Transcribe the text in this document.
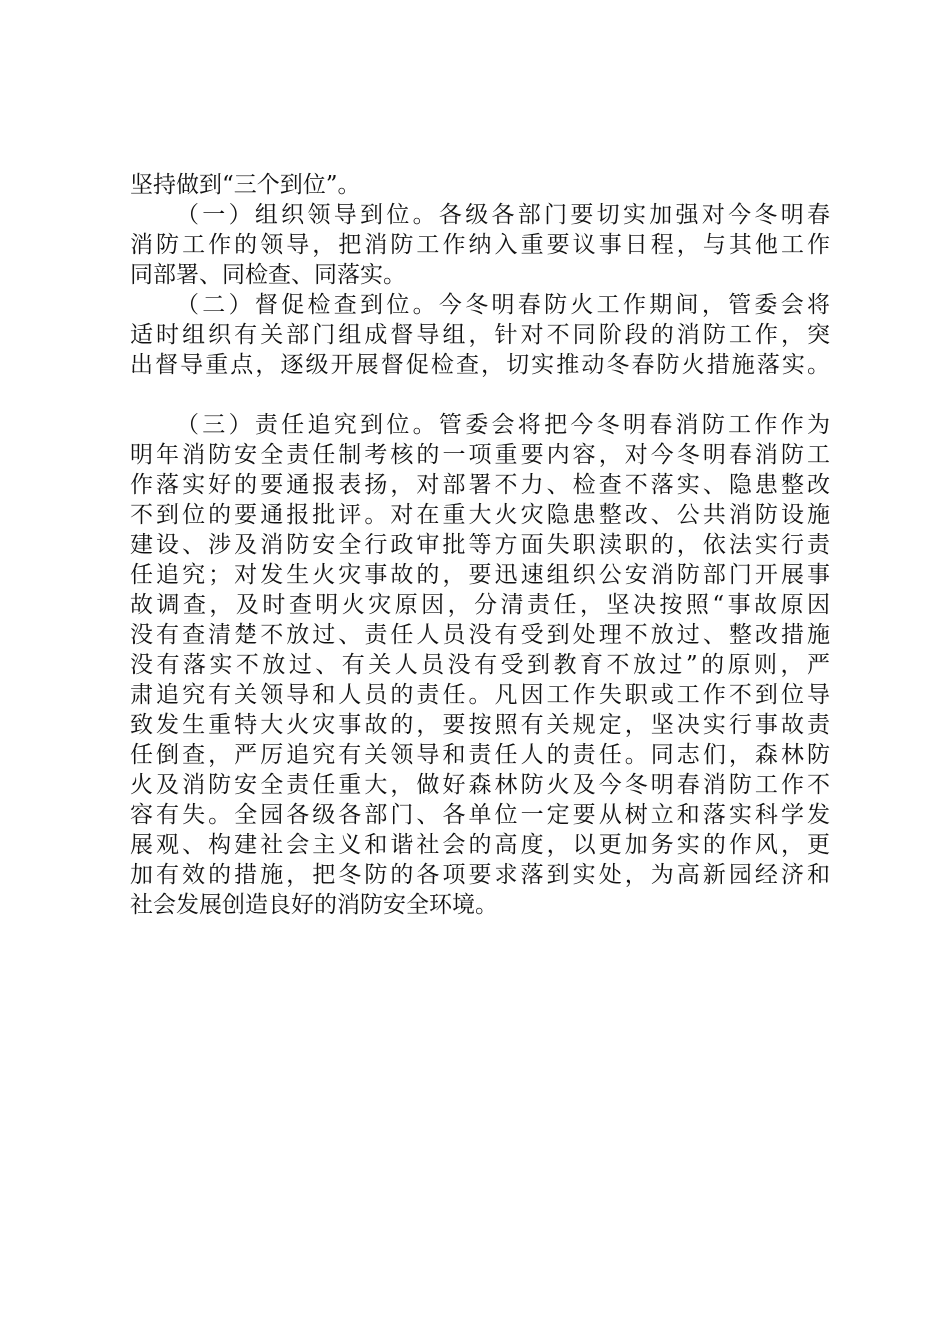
坚持做到“三个到位”。
（一）组织领导到位。各级各部门要切实加强对今冬明春
消防工作的领导，把消防工作纳入重要议事日程，与其他工作
同部署、同检查、同落实。
（二）督促检查到位。今冬明春防火工作期间，管委会将
适时组织有关部门组成督导组，针对不同阶段的消防工作，突
出督导重点，逐级开展督促检查，切实推动冬春防火措施落实。
（三）责任追究到位。管委会将把今冬明春消防工作作为
明年消防安全责任制考核的一项重要内容，对今冬明春消防工
作落实好的要通报表扬，对部署不力、检查不落实、隐患整改
不到位的要通报批评。对在重大火灾隐患整改、公共消防设施
建设、涉及消防安全行政审批等方面失职渎职的，依法实行责
任追究；对发生火灾事故的，要迅速组织公安消防部门开展事
故调查，及时查明火灾原因，分清责任，坚决按照“事故原因
没有查清楚不放过、责任人员没有受到处理不放过、整改措施
没有落实不放过、有关人员没有受到教育不放过”的原则，严
肃追究有关领导和人员的责任。凡因工作失职或工作不到位导
致发生重特大火灾事故的，要按照有关规定，坚决实行事故责
任倒查，严厉追究有关领导和责任人的责任。同志们，森林防
火及消防安全责任重大，做好森林防火及今冬明春消防工作不
容有失。全园各级各部门、各单位一定要从树立和落实科学发
展观、构建社会主义和谐社会的高度，以更加务实的作风，更
加有效的措施，把冬防的各项要求落到实处，为高新园经济和
社会发展创造良好的消防安全环境。
